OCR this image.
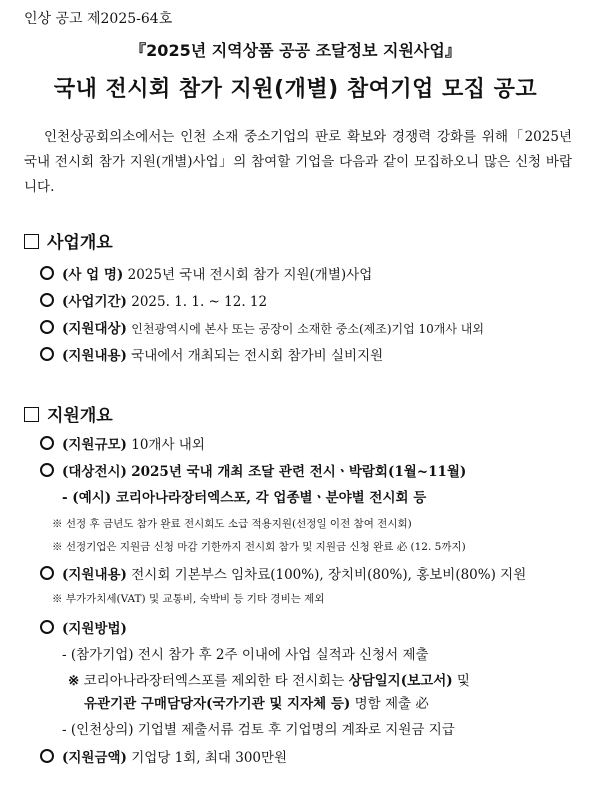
인상 공고 제2025-64호
『2025년 지역상품 공공 조달정보 지원사업』
국내 전시회 참가 지원(개별) 참여기업 모집 공고
인천상공회의소에서는 인천 소재 중소기업의 판로 확보와 경쟁력 강화를 위해「2025년 국내 전시회 참가 지원(개별)사업」의 참여할 기업을 다음과 같이 모집하오니 많은 신청 바랍니다.
사업개요
(사 업 명) 2025년 국내 전시회 참가 지원(개별)사업
(사업기간) 2025. 1. 1. ~ 12. 12
(지원대상) 인천광역시에 본사 또는 공장이 소재한 중소(제조)기업 10개사 내외
(지원내용) 국내에서 개최되는 전시회 참가비 실비지원
지원개요
(지원규모) 10개사 내외
(대상전시) 2025년 국내 개최 조달 관련 전시ㆍ박람회(1월~11월)
- (예시) 코리아나라장터엑스포, 각 업종별ㆍ분야별 전시회 등
※ 선정 후 금년도 참가 완료 전시회도 소급 적용지원(선정일 이전 참여 전시회)
※ 선정기업은 지원금 신청 마감 기한까지 전시회 참가 및 지원금 신청 완료 必 (12. 5까지)
(지원내용) 전시회 기본부스 임차료(100%), 장치비(80%), 홍보비(80%) 지원
※ 부가가치세(VAT) 및 교통비, 숙박비 등 기타 경비는 제외
(지원방법)
- (참가기업) 전시 참가 후 2주 이내에 사업 실적과 신청서 제출
※ 코리아나라장터엑스포를 제외한 타 전시회는 상담일지(보고서) 및
유관기관 구매담당자(국가기관 및 지자체 등) 명함 제출 必
- (인천상의) 기업별 제출서류 검토 후 기업명의 계좌로 지원금 지급
(지원금액) 기업당 1회, 최대 300만원
